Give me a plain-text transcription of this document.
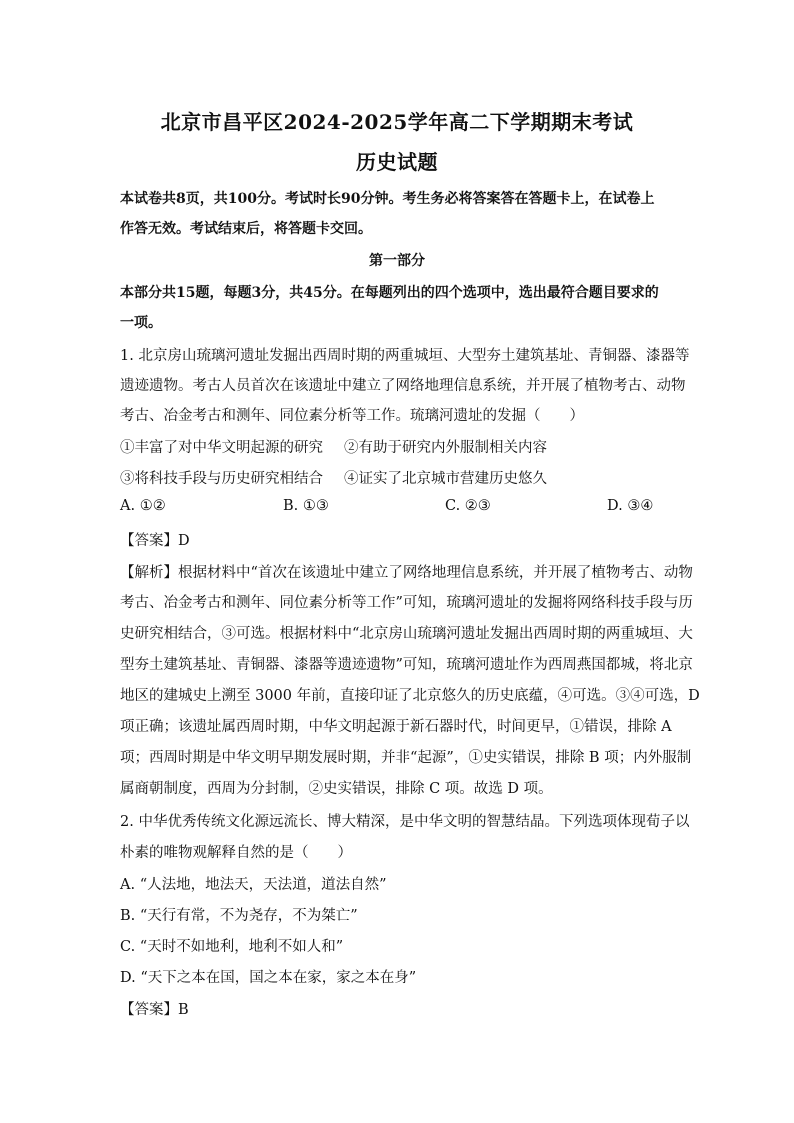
北京市昌平区2024-2025学年高二下学期期末考试
历史试题
本试卷共8页，共100分。考试时长90分钟。考生务必将答案答在答题卡上，在试卷上
作答无效。考试结束后，将答题卡交回。
第一部分
本部分共15题，每题3分，共45分。在每题列出的四个选项中，选出最符合题目要求的
一项。
1. 北京房山琉璃河遗址发掘出西周时期的两重城垣、大型夯土建筑基址、青铜器、漆器等
遗迹遗物。考古人员首次在该遗址中建立了网络地理信息系统，并开展了植物考古、动物
考古、冶金考古和测年、同位素分析等工作。琉璃河遗址的发掘（　　）
①丰富了对中华文明起源的研究 ②有助于研究内外服制相关内容
③将科技手段与历史研究相结合 ④证实了北京城市营建历史悠久
A. ①②	B. ①③	C. ②③	D. ③④
【答案】D
【解析】根据材料中“首次在该遗址中建立了网络地理信息系统，并开展了植物考古、动物
考古、冶金考古和测年、同位素分析等工作”可知，琉璃河遗址的发掘将网络科技手段与历
史研究相结合，③可选。根据材料中“北京房山琉璃河遗址发掘出西周时期的两重城垣、大
型夯土建筑基址、青铜器、漆器等遗迹遗物”可知，琉璃河遗址作为西周燕国都城，将北京
地区的建城史上溯至 3000 年前，直接印证了北京悠久的历史底蕴，④可选。③④可选，D
项正确；该遗址属西周时期，中华文明起源于新石器时代，时间更早，①错误，排除 A
项；西周时期是中华文明早期发展时期，并非“起源”，①史实错误，排除 B 项；内外服制
属商朝制度，西周为分封制，②史实错误，排除 C 项。故选 D 项。
2. 中华优秀传统文化源远流长、博大精深，是中华文明的智慧结晶。下列选项体现荀子以
朴素的唯物观解释自然的是（　　）
A. “人法地，地法天，天法道，道法自然”
B. “天行有常，不为尧存，不为桀亡”
C. “天时不如地利，地利不如人和”
D. “天下之本在国，国之本在家，家之本在身”
【答案】B
